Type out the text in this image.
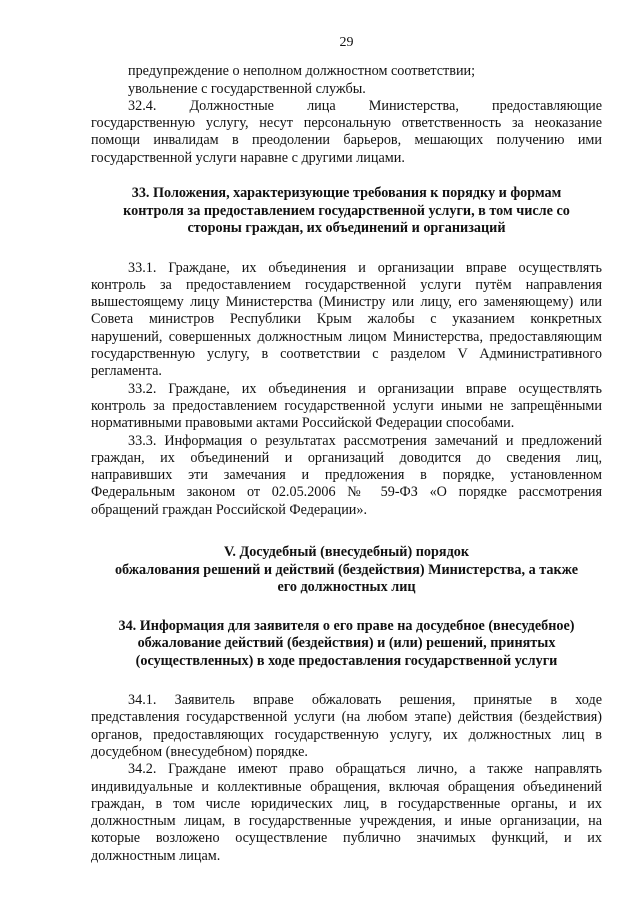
29
предупреждение о неполном должностном соответствии;
увольнение с государственной службы.
32.4. Должностные лица Министерства, предоставляющие
государственную услугу, несут персональную ответственность за неоказание
помощи инвалидам в преодолении барьеров, мешающих получению ими
государственной услуги наравне с другими лицами.
33. Положения, характеризующие требования к порядку и формам
контроля за предоставлением государственной услуги, в том числе со
стороны граждан, их объединений и организаций
33.1. Граждане, их объединения и организации вправе осуществлять
контроль за предоставлением государственной услуги путём направления
вышестоящему лицу Министерства (Министру или лицу, его заменяющему) или
Совета министров Республики Крым жалобы с указанием конкретных
нарушений, совершенных должностным лицом Министерства, предоставляющим
государственную услугу, в соответствии с разделом V Административного
регламента.
33.2. Граждане, их объединения и организации вправе осуществлять
контроль за предоставлением государственной услуги иными не запрещёнными
нормативными правовыми актами Российской Федерации способами.
33.3. Информация о результатах рассмотрения замечаний и предложений
граждан, их объединений и организаций доводится до сведения лиц,
направивших эти замечания и предложения в порядке, установленном
Федеральным законом от 02.05.2006 № 59-ФЗ «О порядке рассмотрения
обращений граждан Российской Федерации».
V. Досудебный (внесудебный) порядок
обжалования решений и действий (бездействия) Министерства, а также
его должностных лиц
34. Информация для заявителя о его праве на досудебное (внесудебное)
обжалование действий (бездействия) и (или) решений, принятых
(осуществленных) в ходе предоставления государственной услуги
34.1. Заявитель вправе обжаловать решения, принятые в ходе
представления государственной услуги (на любом этапе) действия (бездействия)
органов, предоставляющих государственную услугу, их должностных лиц в
досудебном (внесудебном) порядке.
34.2. Граждане имеют право обращаться лично, а также направлять
индивидуальные и коллективные обращения, включая обращения объединений
граждан, в том числе юридических лиц, в государственные органы, и их
должностным лицам, в государственные учреждения, и иные организации, на
которые возложено осуществление публично значимых функций, и их
должностным лицам.
